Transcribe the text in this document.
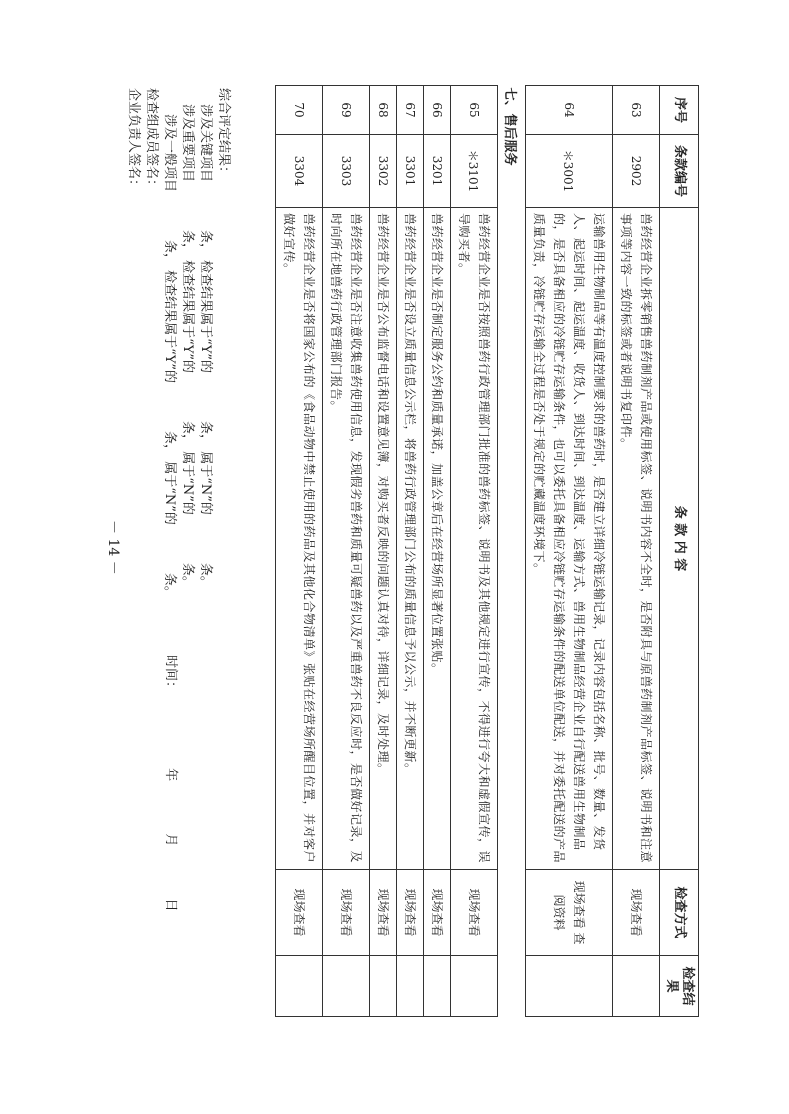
序号	条款编号	条 款 内 容	检查方式	检查结果
63	2902	兽药经营企业拆零销售兽药制剂产品或使用标签、说明书内容不全时，是否附具与原兽药制剂产品标签、说明书和注意事项等内容一致的标签或者说明书复印件。	现场查看	
64	＊3001	运输兽用生物制品等有温度控制要求的兽药时，是否建立详细冷链运输记录，记录内容包括名称、批号、数量、发货人、起运时间、起运温度、收货人、到达时间、到达温度、运输方式、兽用生物制品经营企业自行配送兽用生物制品的，是否具备相应的冷链贮存运输条件，也可以委托具备相应冷链贮存运输条件的配送单位配送，并对委托配送的产品质量负责，冷链贮存运输全过程是否处于规定的贮藏温度环境下。	现场查看 查阅资料	
七、售后服务				
65	＊3101	兽药经营企业是否按照兽药行政管理部门批准的兽药标签、说明书及其他规定进行宣传，不得进行夸大和虚假宣传，误导购买者。	现场查看	
66	3201	兽药经营企业是否制定服务公约和质量承诺，加盖公章后在经营场所显著位置张贴。	现场查看	
67	3301	兽药经营企业是否设立质量信息公示栏，将兽药行政管理部门公布的质量信息予以公示，并不断更新。	现场查看	
68	3302	兽药经营企业是否公布监督电话和设置意见簿，对购买者反映的问题认真对待，详细记录，及时处理。	现场查看	
69	3303	兽药经营企业是否注意收集兽药使用信息，发现假劣兽药和质量可疑兽药以及严重兽药不良反应时，是否做好记录，及时向所在地兽药行政管理部门报告。	现场查看	
70	3304	兽药经营企业是否将国家公布的《食品动物中禁止使用的药品及其他化合物清单》张贴在经营场所醒目位置，并对客户做好宣传。	现场查看	
综合评定结果：
涉及关键项目条， 检查结果属于“Y”的条， 属于“N”的条。
涉及重要项目条， 检查结果属于“Y”的条， 属于“N”的条。
涉及一般项目条， 检查结果属于“Y”的条， 属于“N”的条。
检查组成员签名：
企业负责人签名：
时间： 年 月 日
－ 14 －
